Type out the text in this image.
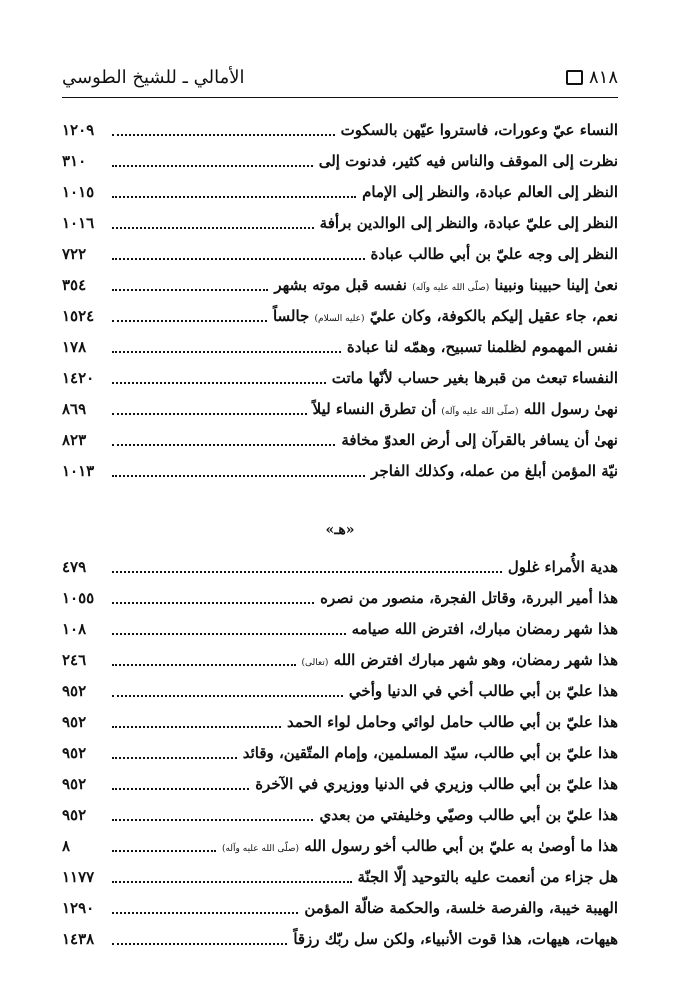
الأمالي ـ للشيخ الطوسي	٨١٨
النساء عيّ وعورات، فاستروا عيّهن بالسكوت
١٢٠٩
نظرت إلى الموقف والناس فيه كثير، فدنوت إلى
٣١٠
النظر إلى العالم عبادة، والنظر إلى الإمام
١٠١٥
النظر إلى عليّ عبادة، والنظر إلى الوالدين برأفة
١٠١٦
النظر إلى وجه عليّ بن أبي طالب عبادة
٧٢٢
نعىٰ إلينا حبيبنا ونبينا (صلّى الله عليه وآله) نفسه قبل موته بشهر
٣٥٤
نعم، جاء عقيل إليكم بالكوفة، وكان عليّ (عليه السلام) جالساً
١٥٢٤
نفس المهموم لظلمنا تسبيح، وهمّه لنا عبادة
١٧٨
النفساء تبعث من قبرها بغير حساب لأنّها ماتت
١٤٢٠
نهىٰ رسول الله (صلّى الله عليه وآله) أن تطرق النساء ليلاً
٨٦٩
نهىٰ أن يسافر بالقرآن إلى أرض العدوّ مخافة
٨٢٣
نيّة المؤمن أبلغ من عمله، وكذلك الفاجر
١٠١٣
«هـ»
هدية الأُمراء غلول
٤٧٩
هذا أمير البررة، وقاتل الفجرة، منصور من نصره
١٠٥٥
هذا شهر رمضان مبارك، افترض الله صيامه
١٠٨
هذا شهر رمضان، وهو شهر مبارك افترض الله (تعالى)
٢٤٦
هذا عليّ بن أبي طالب أخي في الدنيا وأخي
٩٥٢
هذا عليّ بن أبي طالب حامل لوائي وحامل لواء الحمد
٩٥٢
هذا عليّ بن أبي طالب، سيّد المسلمين، وإمام المتّقين، وقائد
٩٥٢
هذا عليّ بن أبي طالب وزيري في الدنيا ووزيري في الآخرة
٩٥٢
هذا عليّ بن أبي طالب وصيّي وخليفتي من بعدي
٩٥٢
هذا ما أوصىٰ به عليّ بن أبي طالب أخو رسول الله (صلّى الله عليه وآله)
٨
هل جزاء من أنعمت عليه بالتوحيد إلّا الجنّة
١١٧٧
الهيبة خيبة، والفرصة خلسة، والحكمة ضالّة المؤمن
١٢٩٠
هيهات، هيهات، هذا قوت الأنبياء، ولكن سل ربّك رزقاً
١٤٣٨
